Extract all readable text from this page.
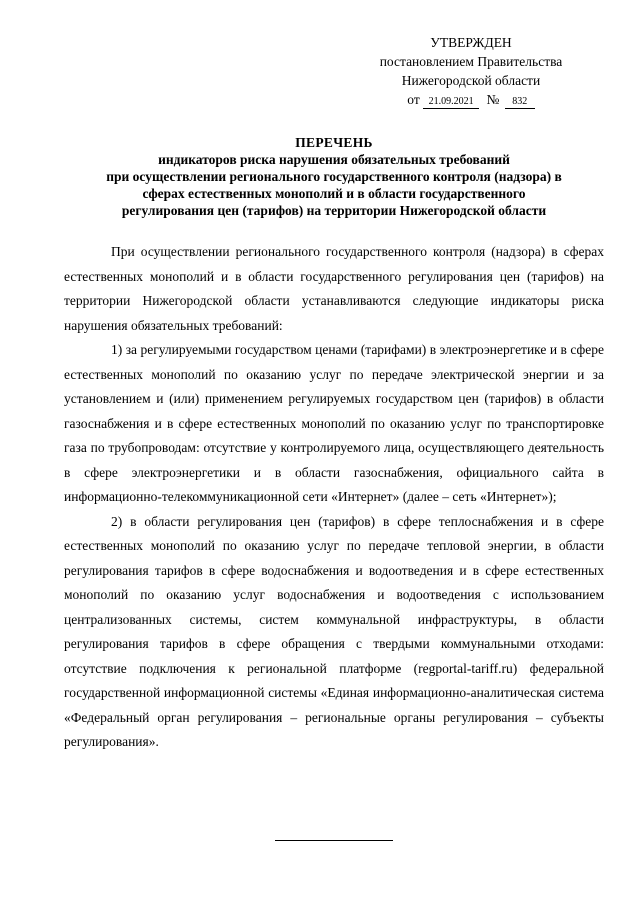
УТВЕРЖДЕН
постановлением Правительства
Нижегородской области
от 21.09.2021 № 832
ПЕРЕЧЕНЬ
индикаторов риска нарушения обязательных требований
при осуществлении регионального государственного контроля (надзора) в
сферах естественных монополий и в области государственного
регулирования цен (тарифов) на территории Нижегородской области

При осуществлении регионального государственного контроля (надзора) в сферах естественных монополий и в области государственного регулирования цен (тарифов) на территории Нижегородской области устанавливаются следующие индикаторы риска нарушения обязательных требований:

1) за регулируемыми государством ценами (тарифами) в электроэнергетике и в сфере естественных монополий по оказанию услуг по передаче электрической энергии и за установлением и (или) применением регулируемых государством цен (тарифов) в области газоснабжения и в сфере естественных монополий по оказанию услуг по транспортировке газа по трубопроводам: отсутствие у контролируемого лица, осуществляющего деятельность в сфере электроэнергетики и в области газоснабжения, официального сайта в информационно-телекоммуникационной сети «Интернет» (далее – сеть «Интернет»);

2) в области регулирования цен (тарифов) в сфере теплоснабжения и в сфере естественных монополий по оказанию услуг по передаче тепловой энергии, в области регулирования тарифов в сфере водоснабжения и водоотведения и в сфере естественных монополий по оказанию услуг водоснабжения и водоотведения с использованием централизованных системы, систем коммунальной инфраструктуры, в области регулирования тарифов в сфере обращения с твердыми коммунальными отходами: отсутствие подключения к региональной платформе (regportal-tariff.ru) федеральной государственной информационной системы «Единая информационно-аналитическая система «Федеральный орган регулирования – региональные органы регулирования – субъекты регулирования».
